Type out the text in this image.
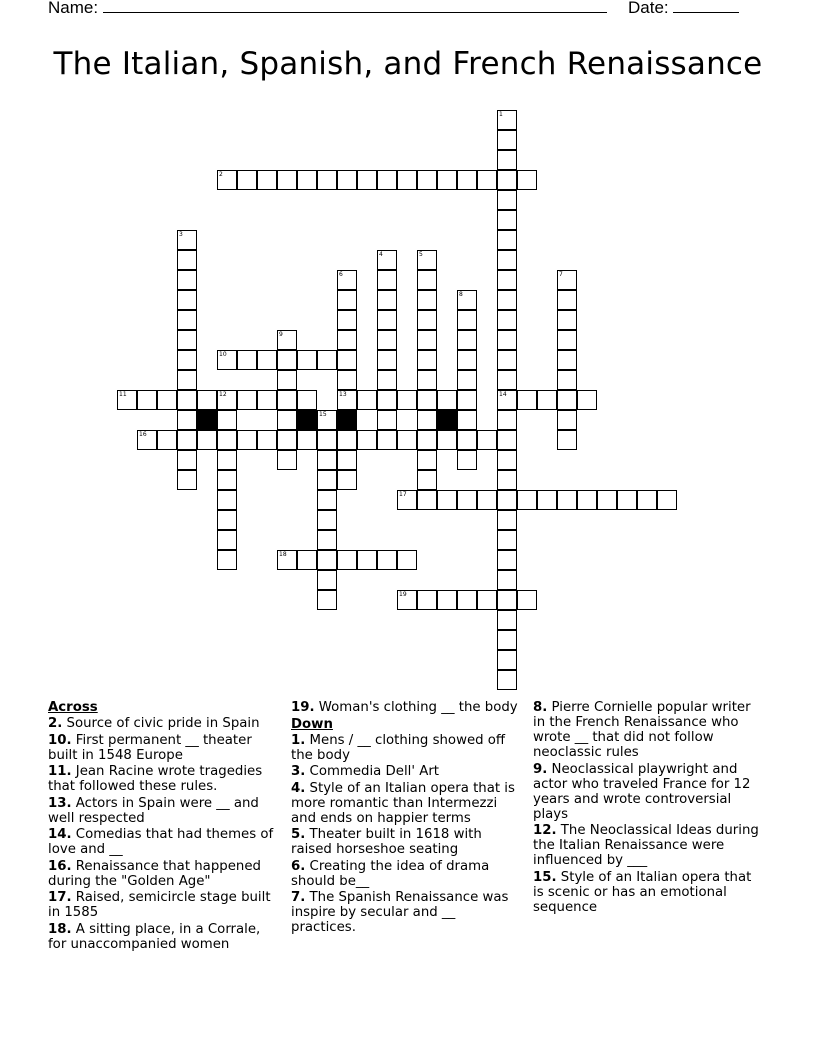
Name:	Date:
The Italian, Spanish, and French Renaissance
1
14
2
3
4	5
6
13
7
8
9
10
11	12
15
16
17
18
19
Across
2. Source of civic pride in Spain
10. First permanent __ theater built in 1548 Europe
11. Jean Racine wrote tragedies that followed these rules.
13. Actors in Spain were __ and well respected
14. Comedias that had themes of love and __
16. Renaissance that happened during the "Golden Age"
17. Raised, semicircle stage built in 1585
18. A sitting place, in a Corrale, for unaccompanied women
19. Woman's clothing __ the body
Down
1. Mens / __ clothing showed off the body
3. Commedia Dell' Art
4. Style of an Italian opera that is more romantic than Intermezzi and ends on happier terms
5. Theater built in 1618 with raised horseshoe seating
6. Creating the idea of drama should be__
7. The Spanish Renaissance was inspire by secular and __ practices.
8. Pierre Cornielle popular writer in the French Renaissance who wrote __ that did not follow neoclassic rules
9. Neoclassical playwright and actor who traveled France for 12 years and wrote controversial plays
12. The Neoclassical Ideas during the Italian Renaissance were influenced by ___
15. Style of an Italian opera that is scenic or has an emotional sequence
